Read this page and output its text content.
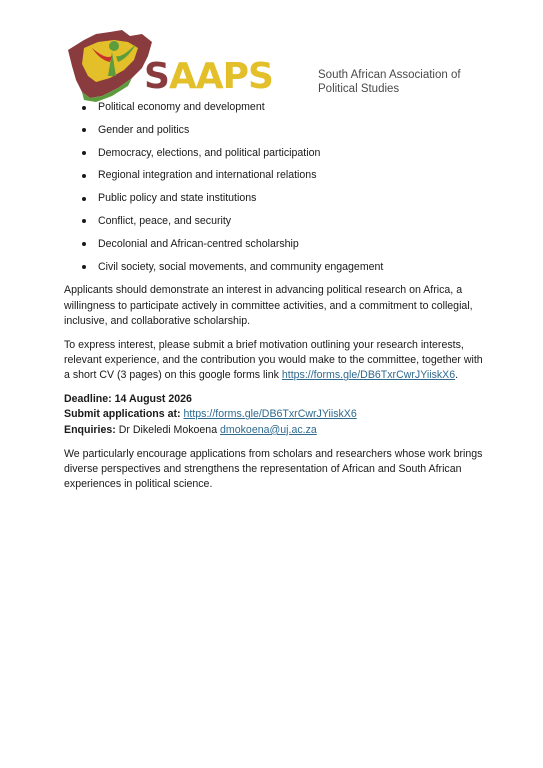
SAAPS	South African Association of
Political Studies
Political economy and development
Gender and politics
Democracy, elections, and political participation
Regional integration and international relations
Public policy and state institutions
Conflict, peace, and security
Decolonial and African-centred scholarship
Civil society, social movements, and community engagement

Applicants should demonstrate an interest in advancing political research on Africa, a willingness to participate actively in committee activities, and a commitment to collegial, inclusive, and collaborative scholarship.

To express interest, please submit a brief motivation outlining your research interests, relevant experience, and the contribution you would make to the committee, together with a short CV (3 pages) on this google forms link https://forms.gle/DB6TxrCwrJYiiskX6.

Deadline: 14 August 2026

Submit applications at: https://forms.gle/DB6TxrCwrJYiiskX6

Enquiries: Dr Dikeledi Mokoena dmokoena@uj.ac.za

We particularly encourage applications from scholars and researchers whose work brings diverse perspectives and strengthens the representation of African and South African experiences in political science.
